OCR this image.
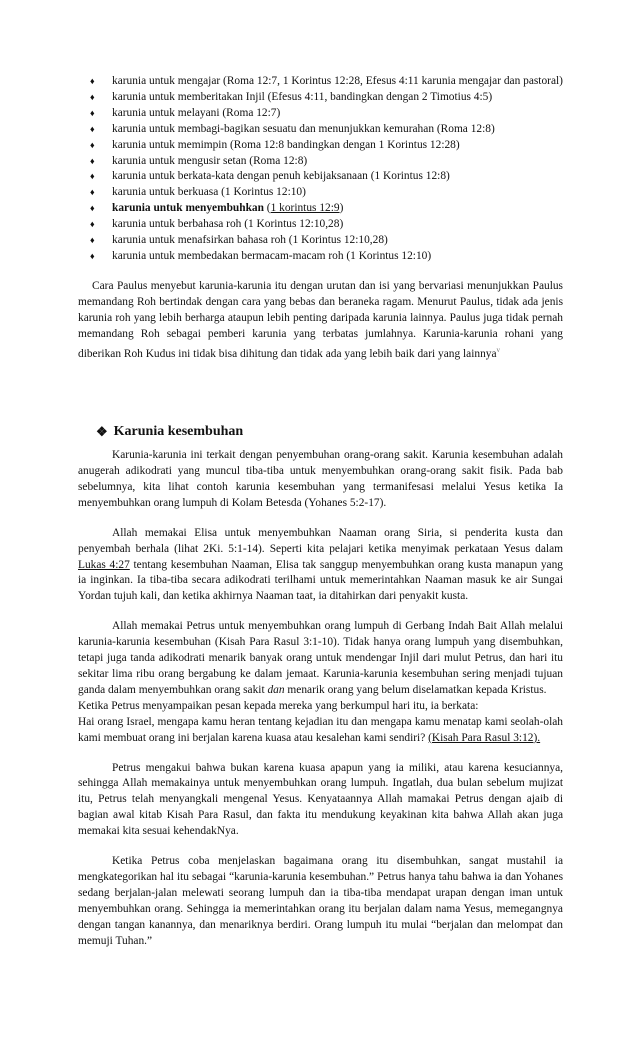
♦ karunia untuk mengajar (Roma 12:7, 1 Korintus 12:28, Efesus 4:11 karunia mengajar dan pastoral)
♦ karunia untuk memberitakan Injil (Efesus 4:11, bandingkan dengan 2 Timotius 4:5)
♦ karunia untuk melayani (Roma 12:7)
♦ karunia untuk membagi-bagikan sesuatu dan menunjukkan kemurahan (Roma 12:8)
♦ karunia untuk memimpin (Roma 12:8 bandingkan dengan 1 Korintus 12:28)
♦ karunia untuk mengusir setan (Roma 12:8)
♦ karunia untuk berkata-kata dengan penuh kebijaksanaan (1 Korintus 12:8)
♦ karunia untuk berkuasa (1 Korintus 12:10)
♦ karunia untuk menyembuhkan (1 korintus 12:9)
♦ karunia untuk berbahasa roh (1 Korintus 12:10,28)
♦ karunia untuk menafsirkan bahasa roh (1 Korintus 12:10,28)
♦ karunia untuk membedakan bermacam-macam roh (1 Korintus 12:10)

Cara Paulus menyebut karunia-karunia itu dengan urutan dan isi yang bervariasi menunjukkan Paulus memandang Roh bertindak dengan cara yang bebas dan beraneka ragam. Menurut Paulus, tidak ada jenis karunia roh yang lebih berharga ataupun lebih penting daripada karunia lainnya. Paulus juga tidak pernah memandang Roh sebagai pemberi karunia yang terbatas jumlahnya. Karunia-karunia rohani yang diberikan Roh Kudus ini tidak bisa dihitung dan tidak ada yang lebih baik dari yang lainnya$^v$

❖ Karunia kesembuhan

Karunia-karunia ini terkait dengan penyembuhan orang-orang sakit. Karunia kesembuhan adalah anugerah adikodrati yang muncul tiba-tiba untuk menyembuhkan orang-orang sakit fisik. Pada bab sebelumnya, kita lihat contoh karunia kesembuhan yang termanifesasi melalui Yesus ketika Ia menyembuhkan orang lumpuh di Kolam Betesda (Yohanes 5:2-17).

Allah memakai Elisa untuk menyembuhkan Naaman orang Siria, si penderita kusta dan penyembah berhala (lihat 2Ki. 5:1-14). Seperti kita pelajari ketika menyimak perkataan Yesus dalam Lukas 4:27 tentang kesembuhan Naaman, Elisa tak sanggup menyembuhkan orang kusta manapun yang ia inginkan. Ia tiba-tiba secara adikodrati terilhami untuk memerintahkan Naaman masuk ke air Sungai Yordan tujuh kali, dan ketika akhirnya Naaman taat, ia ditahirkan dari penyakit kusta.

Allah memakai Petrus untuk menyembuhkan orang lumpuh di Gerbang Indah Bait Allah melalui karunia-karunia kesembuhan (Kisah Para Rasul 3:1-10). Tidak hanya orang lumpuh yang disembuhkan, tetapi juga tanda adikodrati menarik banyak orang untuk mendengar Injil dari mulut Petrus, dan hari itu sekitar lima ribu orang bergabung ke dalam jemaat. Karunia-karunia kesembuhan sering menjadi tujuan ganda dalam menyembuhkan orang sakit dan menarik orang yang belum diselamatkan kepada Kristus.

Ketika Petrus menyampaikan pesan kepada mereka yang berkumpul hari itu, ia berkata:

Hai orang Israel, mengapa kamu heran tentang kejadian itu dan mengapa kamu menatap kami seolah-olah kami membuat orang ini berjalan karena kuasa atau kesalehan kami sendiri? (Kisah Para Rasul 3:12).

Petrus mengakui bahwa bukan karena kuasa apapun yang ia miliki, atau karena kesuciannya, sehingga Allah memakainya untuk menyembuhkan orang lumpuh. Ingatlah, dua bulan sebelum mujizat itu, Petrus telah menyangkali mengenal Yesus. Kenyataannya Allah mamakai Petrus dengan ajaib di bagian awal kitab Kisah Para Rasul, dan fakta itu mendukung keyakinan kita bahwa Allah akan juga memakai kita sesuai kehendakNya.

Ketika Petrus coba menjelaskan bagaimana orang itu disembuhkan, sangat mustahil ia mengkategorikan hal itu sebagai “karunia-karunia kesembuhan.” Petrus hanya tahu bahwa ia dan Yohanes sedang berjalan-jalan melewati seorang lumpuh dan ia tiba-tiba mendapat urapan dengan iman untuk menyembuhkan orang. Sehingga ia memerintahkan orang itu berjalan dalam nama Yesus, memegangnya dengan tangan kanannya, dan menariknya berdiri. Orang lumpuh itu mulai “berjalan dan melompat dan memuji Tuhan.”
